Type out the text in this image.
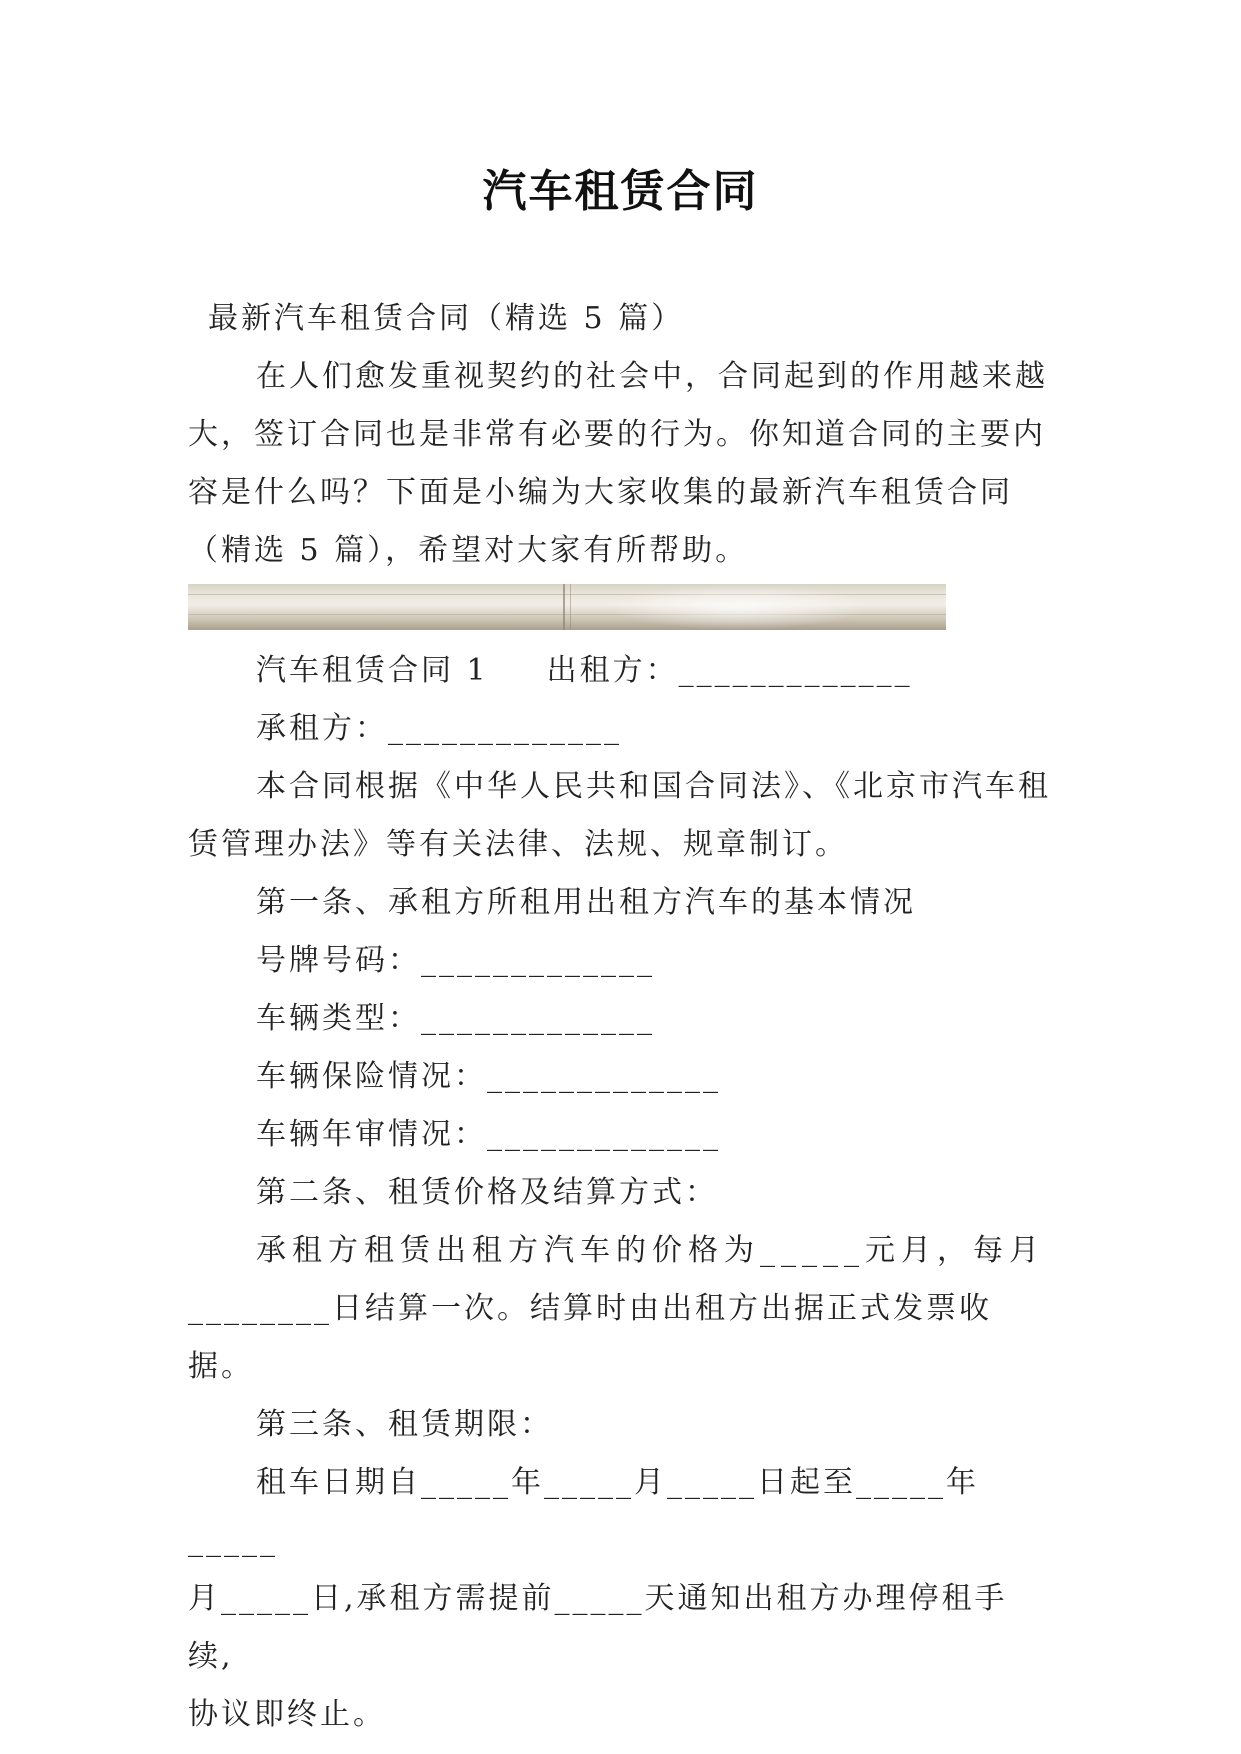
汽车租赁合同

最新汽车租赁合同（精选 5 篇）

在人们愈发重视契约的社会中，合同起到的作用越来越

大，签订合同也是非常有必要的行为。你知道合同的主要内

容是什么吗？下面是小编为大家收集的最新汽车租赁合同

（精选 5 篇），希望对大家有所帮助。

汽车租赁合同 1 出租方：_____________

承租方：_____________

本合同根据《中华人民共和国合同法》、《北京市汽车租

赁管理办法》等有关法律、法规、规章制订。

第一条、承租方所租用出租方汽车的基本情况

号牌号码：_____________

车辆类型：_____________

车辆保险情况：_____________

车辆年审情况：_____________

第二条、租赁价格及结算方式：

承租方租赁出租方汽车的价格为_____元月，每月

________日结算一次。结算时由出租方出据正式发票收据。

第三条、租赁期限：

租车日期自_____年_____月_____日起至_____年_____

月_____日,承租方需提前_____天通知出租方办理停租手续,

协议即终止。
